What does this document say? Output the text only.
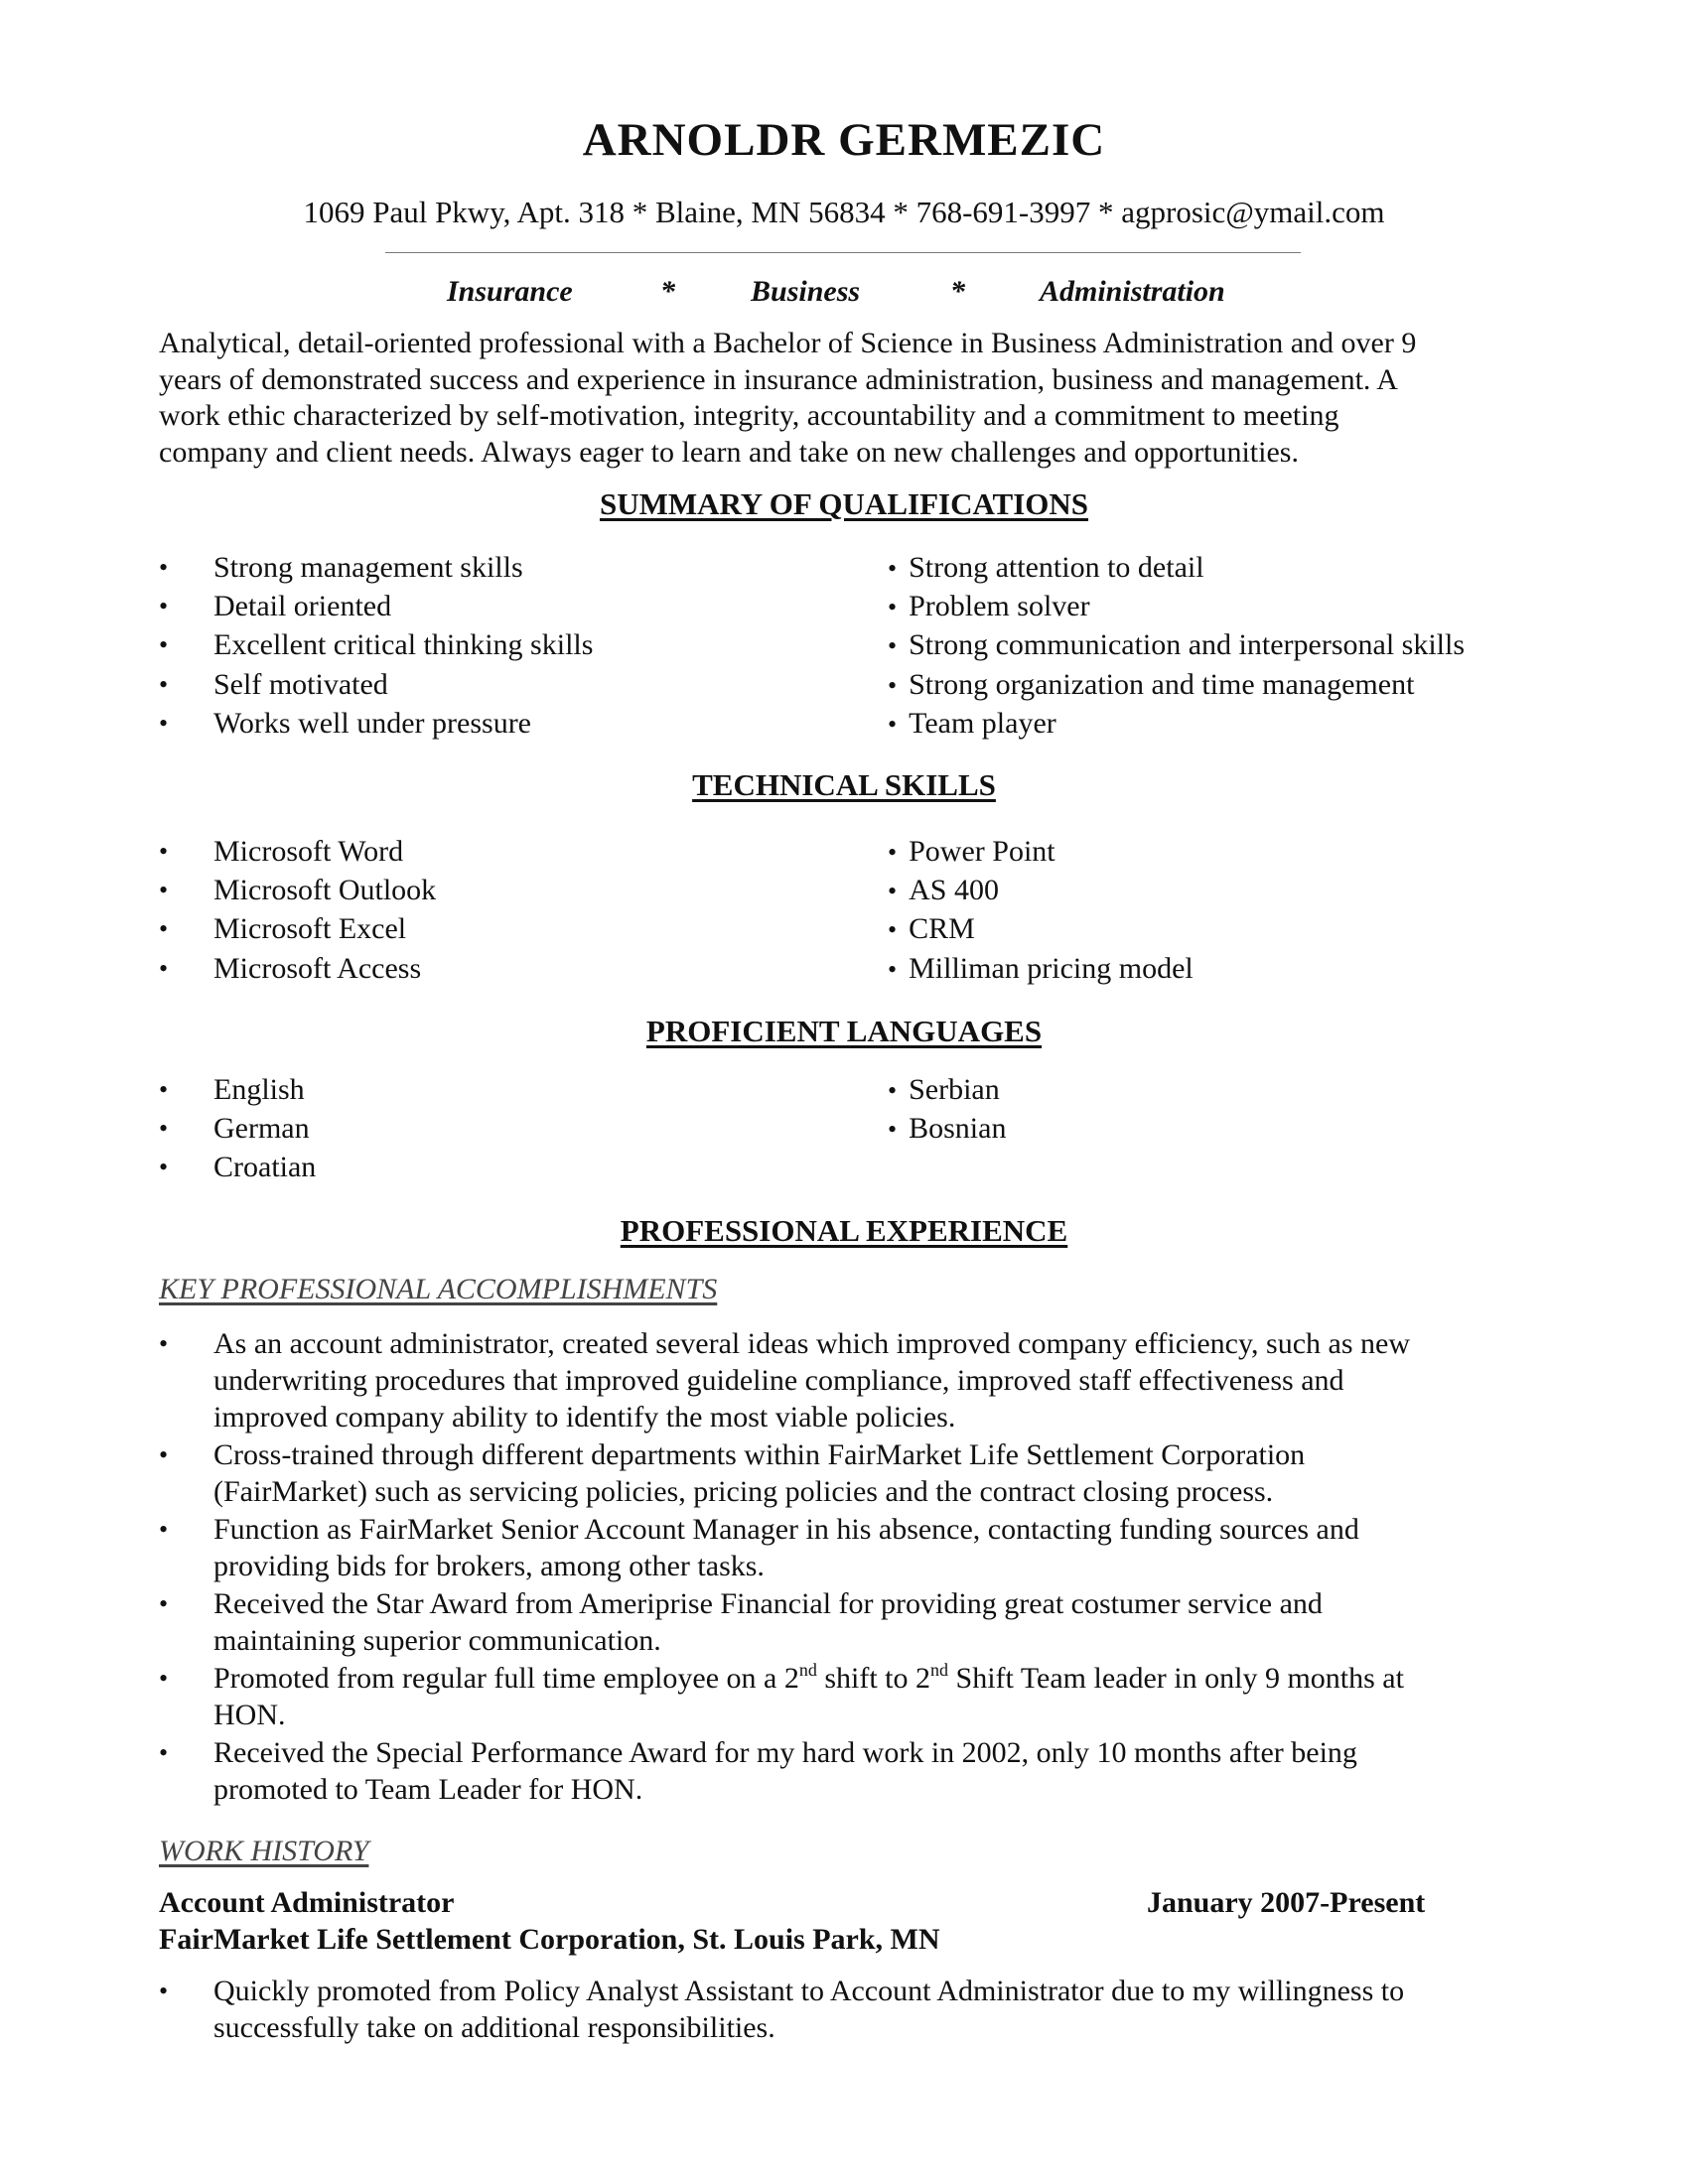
ARNOLDR GERMEZIC
1069 Paul Pkwy, Apt. 318 * Blaine, MN 56834 * 768-691-3997 * agprosic@ymail.com
Insurance	*	Business	*	Administration

Analytical, detail-oriented professional with a Bachelor of Science in Business Administration and over 9

years of demonstrated success and experience in insurance administration, business and management. A

work ethic characterized by self-motivation, integrity, accountability and a commitment to meeting

company and client needs. Always eager to learn and take on new challenges and opportunities.

SUMMARY OF QUALIFICATIONS
• Strong management skills
• Detail oriented
• Excellent critical thinking skills
• Self motivated
• Works well under pressure
• Strong attention to detail
• Problem solver
• Strong communication and interpersonal skills
• Strong organization and time management
• Team player
TECHNICAL SKILLS
• Microsoft Word
• Microsoft Outlook
• Microsoft Excel
• Microsoft Access
• Power Point
• AS 400
• CRM
• Milliman pricing model
PROFICIENT LANGUAGES
• English
• German
• Croatian
• Serbian
• Bosnian
PROFESSIONAL EXPERIENCE
KEY PROFESSIONAL ACCOMPLISHMENTS
• As an account administrator, created several ideas which improved company efficiency, such as new
underwriting procedures that improved guideline compliance, improved staff effectiveness and
improved company ability to identify the most viable policies.
• Cross-trained through different departments within FairMarket Life Settlement Corporation
(FairMarket) such as servicing policies, pricing policies and the contract closing process.
• Function as FairMarket Senior Account Manager in his absence, contacting funding sources and
providing bids for brokers, among other tasks.
• Received the Star Award from Ameriprise Financial for providing great costumer service and
maintaining superior communication.
• Promoted from regular full time employee on a 2nd shift to 2nd Shift Team leader in only 9 months at
HON.
• Received the Special Performance Award for my hard work in 2002, only 10 months after being
promoted to Team Leader for HON.
WORK HISTORY
Account Administrator	January 2007-Present
FairMarket Life Settlement Corporation, St. Louis Park, MN
• Quickly promoted from Policy Analyst Assistant to Account Administrator due to my willingness to
successfully take on additional responsibilities.
